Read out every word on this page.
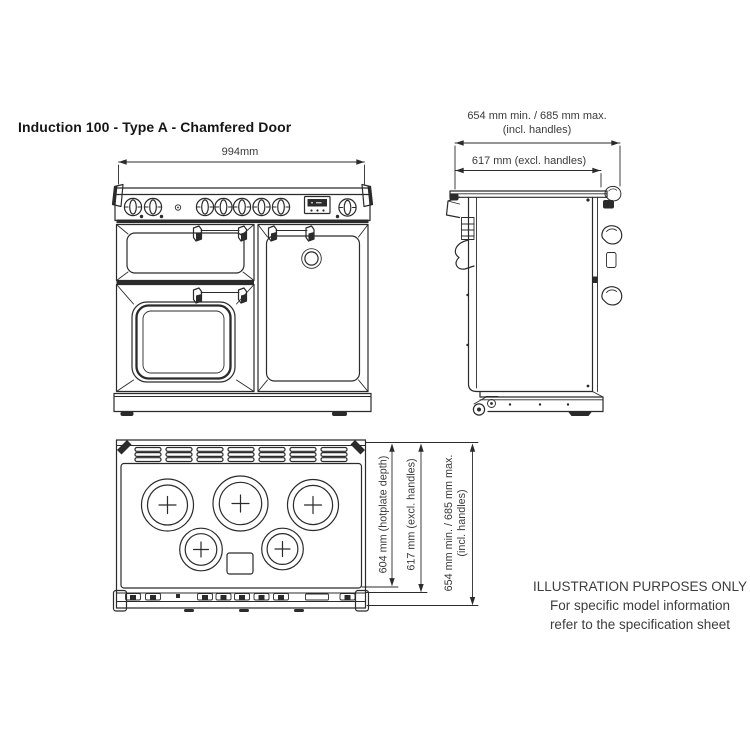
Induction 100 - Type A - Chamfered Door
994mm
654 mm min. / 685 mm max.
(incl. handles)
617 mm (excl. handles)
604 mm (hotplate depth) 617 mm (excl. handles) 654 mm min. / 685 mm max. (incl. handles)
ILLUSTRATION PURPOSES ONLY
For specific model information
refer to the specification sheet
